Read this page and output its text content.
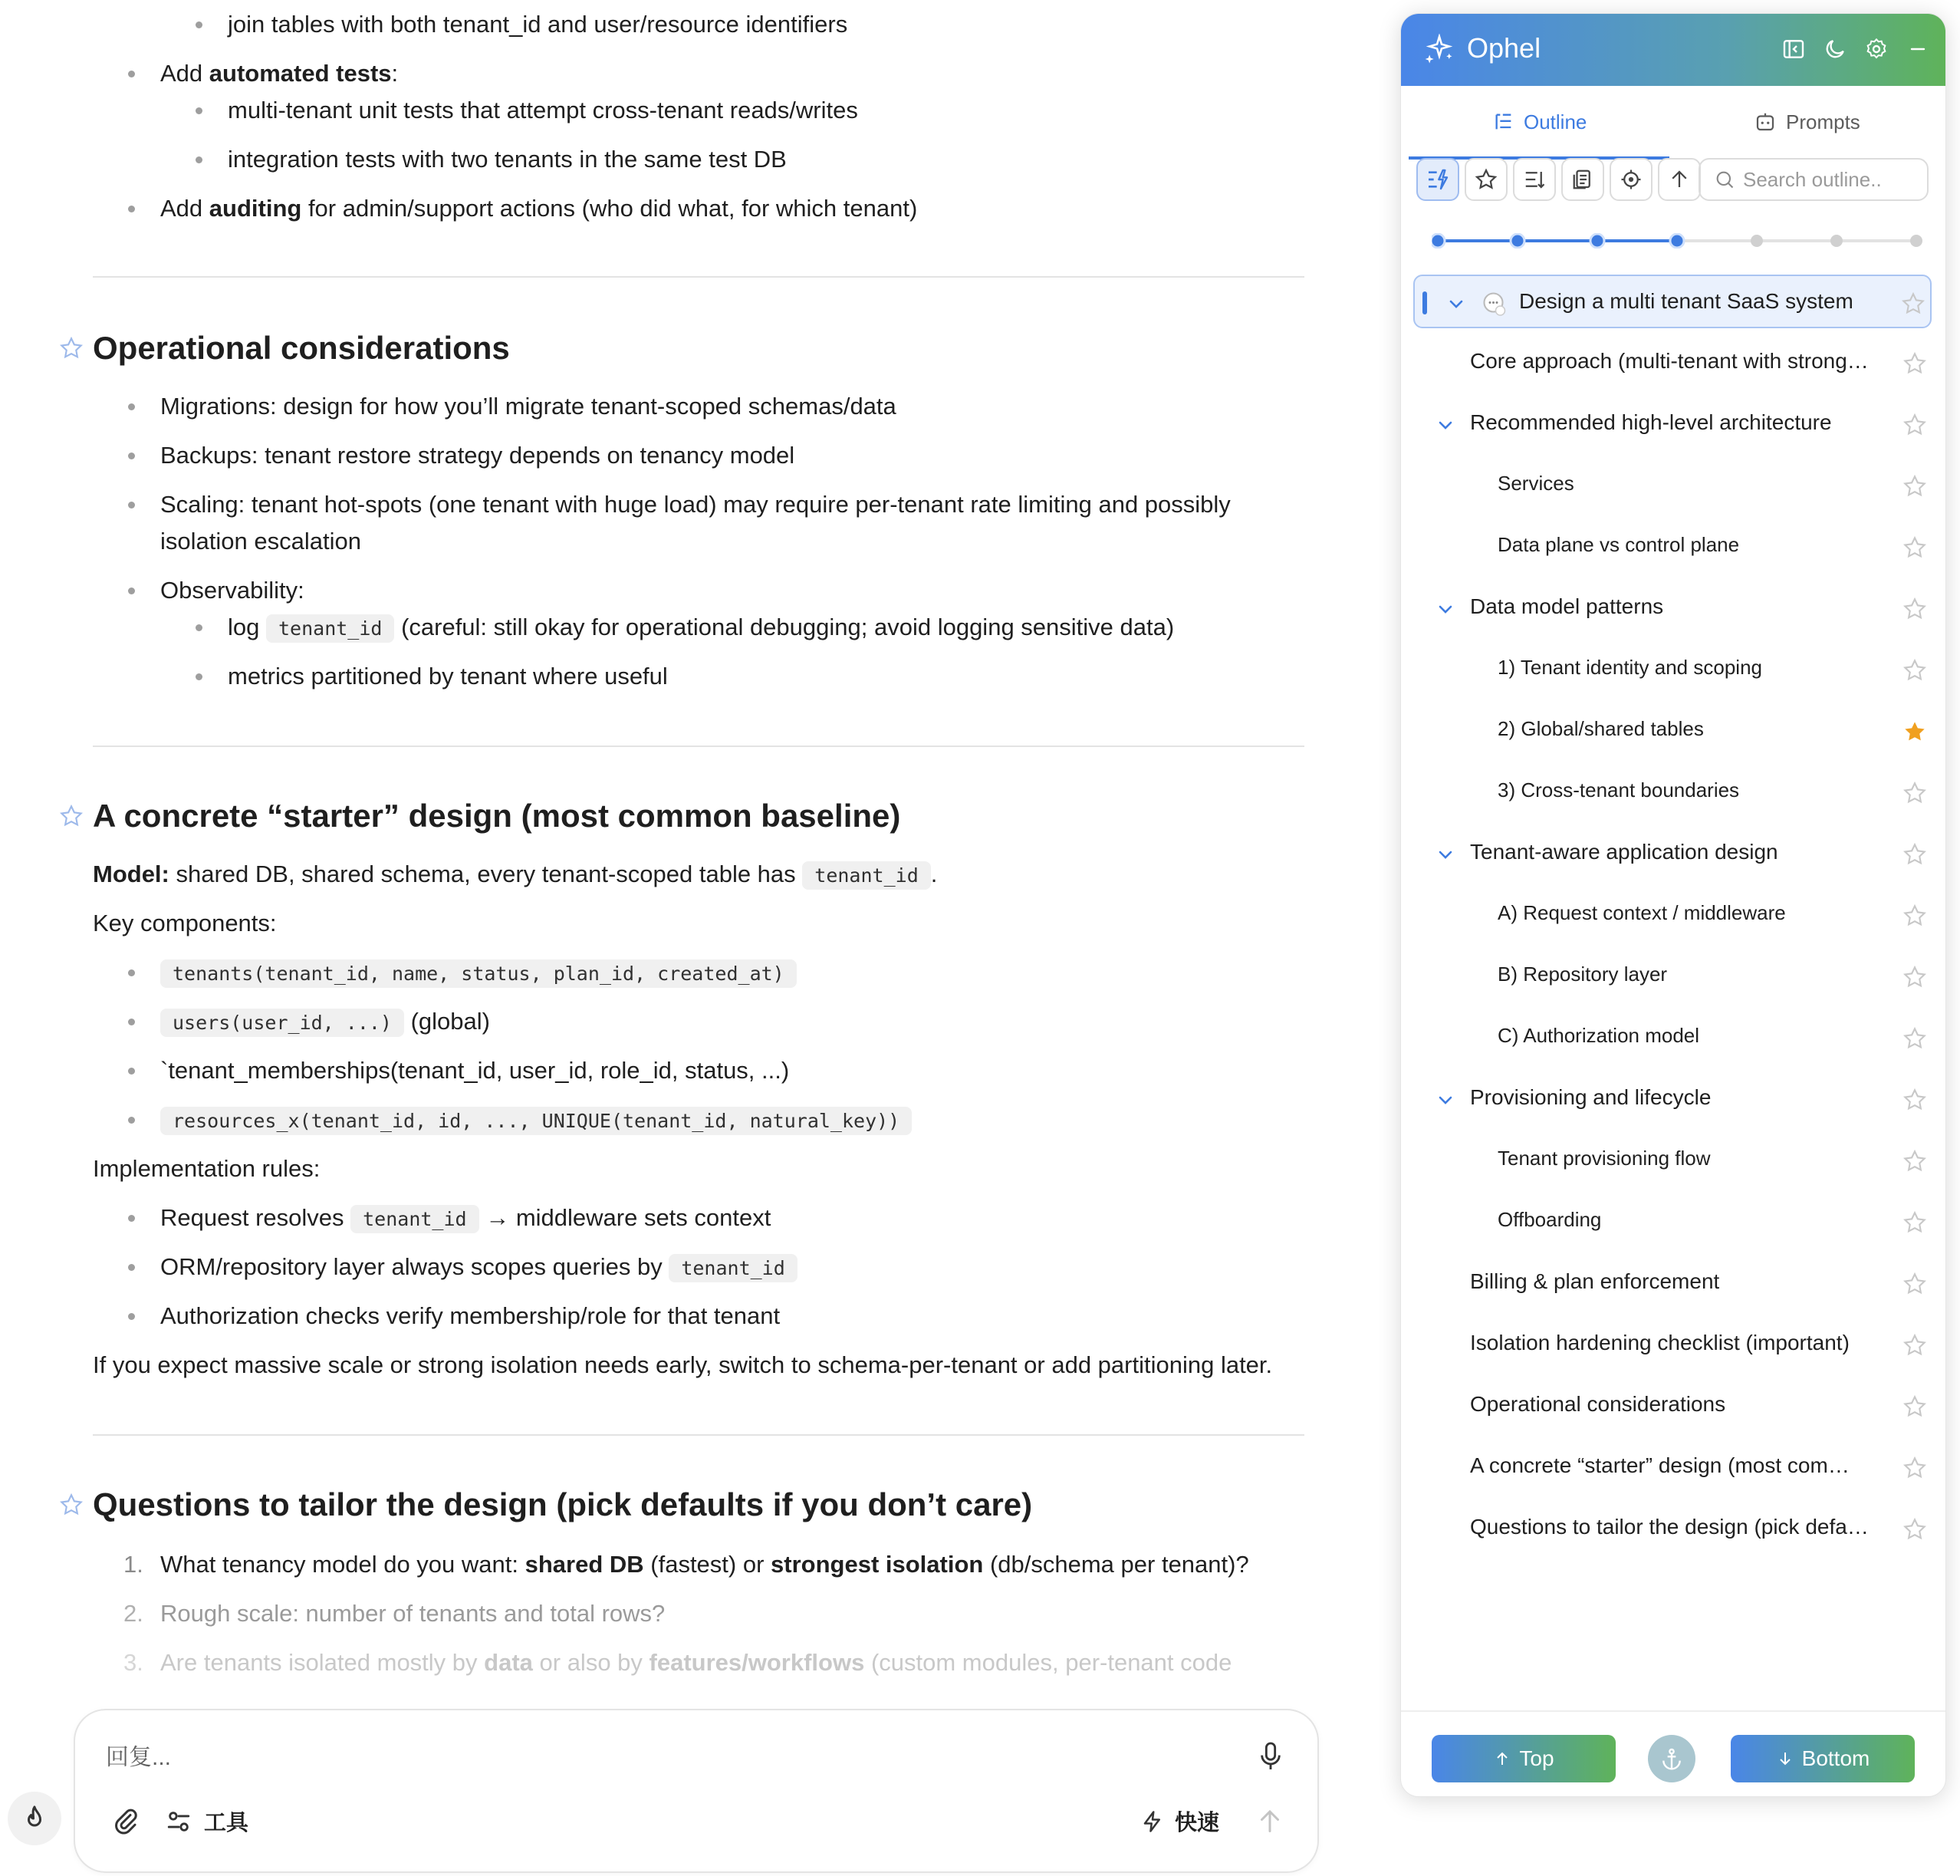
join tables with both tenant_id and user/resource identifiers
Add automated tests:
multi-tenant unit tests that attempt cross-tenant reads/writes
integration tests with two tenants in the same test DB
Add auditing for admin/support actions (who did what, for which tenant)
Operational considerations
Migrations: design for how you’ll migrate tenant-scoped schemas/data
Backups: tenant restore strategy depends on tenancy model
Scaling: tenant hot-spots (one tenant with huge load) may require per-tenant rate limiting and possibly
isolation escalation
Observability:
log tenant_id (careful: still okay for operational debugging; avoid logging sensitive data)
metrics partitioned by tenant where useful
A concrete “starter” design (most common baseline)
Model: shared DB, shared schema, every tenant-scoped table has tenant_id .
Key components:
tenants(tenant_id, name, status, plan_id, created_at)
users(user_id, ...) (global)
`tenant_memberships(tenant_id, user_id, role_id, status, ...)
resources_x(tenant_id, id, ..., UNIQUE(tenant_id, natural_key))
Implementation rules:
Request resolves tenant_id → middleware sets context
ORM/repository layer always scopes queries by tenant_id
Authorization checks verify membership/role for that tenant
If you expect massive scale or strong isolation needs early, switch to schema-per-tenant or add partitioning later.
Questions to tailor the design (pick defaults if you don’t care)
1. What tenancy model do you want: shared DB (fastest) or strongest isolation (db/schema per tenant)?
2. Rough scale: number of tenants and total rows?
3. Are tenants isolated mostly by data or also by features/workflows (custom modules, per-tenant code
回复...
工具	快速
Ophel
Outline	Prompts
Search outline..
Design a multi tenant SaaS system
Core approach (multi-tenant with strong…
Recommended high-level architecture
Services
Data plane vs control plane
Data model patterns
1) Tenant identity and scoping
2) Global/shared tables
3) Cross-tenant boundaries
Tenant-aware application design
A) Request context / middleware
B) Repository layer
C) Authorization model
Provisioning and lifecycle
Tenant provisioning flow
Offboarding
Billing & plan enforcement
Isolation hardening checklist (important)
Operational considerations
A concrete “starter” design (most com…
Questions to tailor the design (pick defa…
Top	Bottom
